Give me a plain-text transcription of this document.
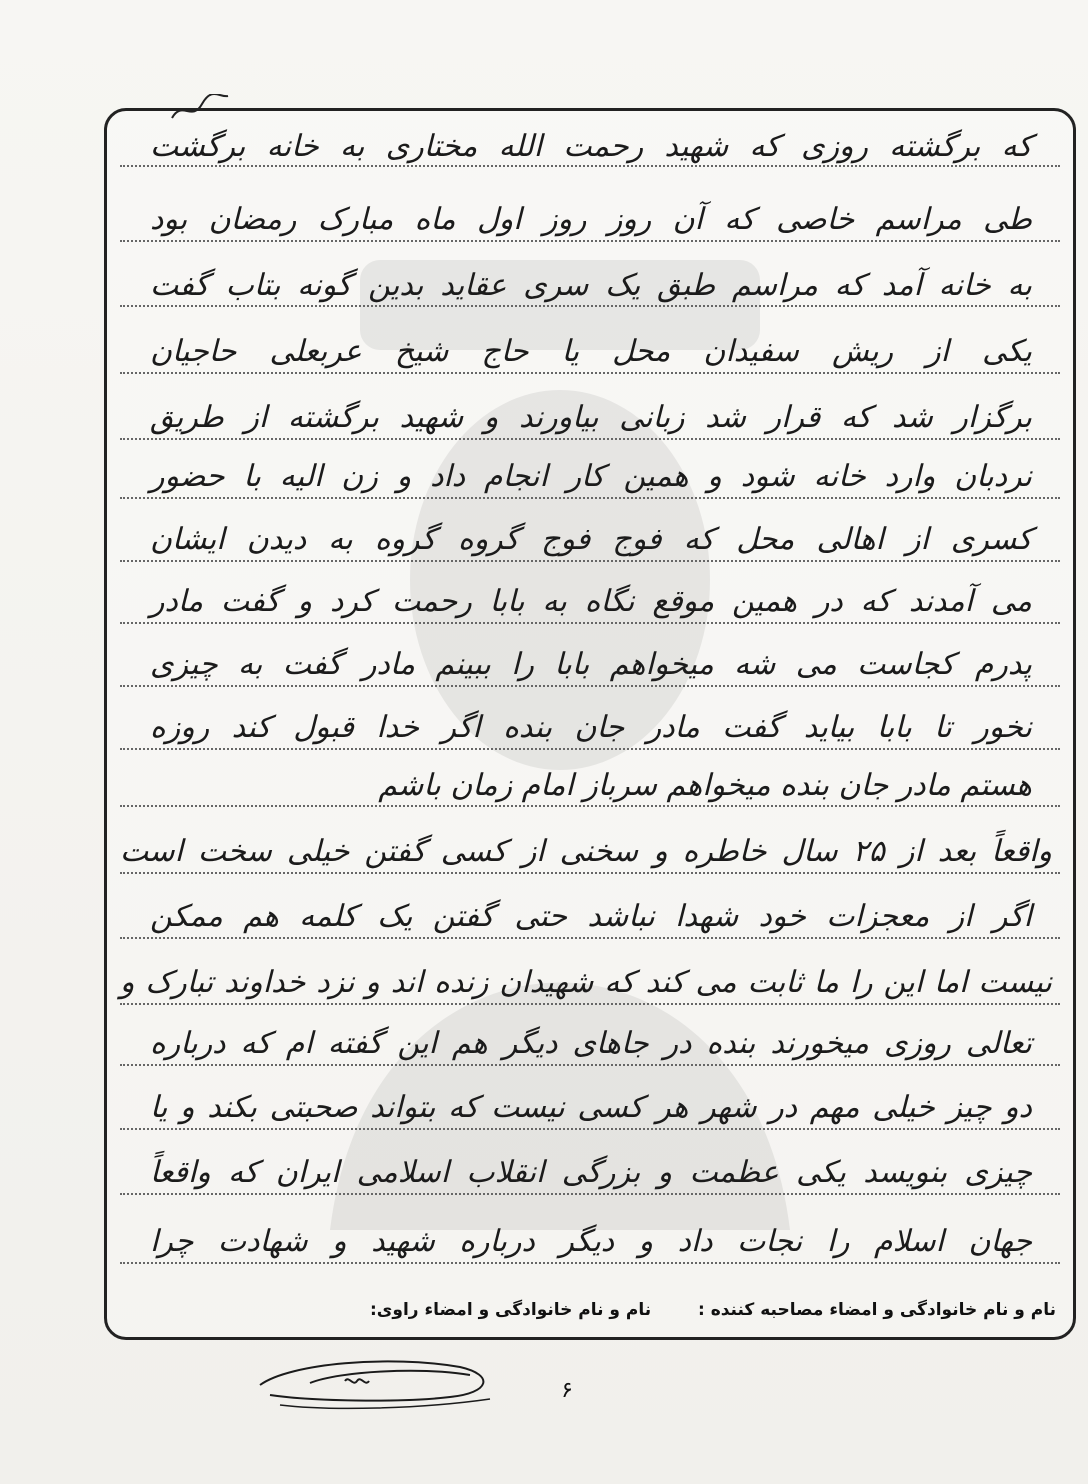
که برگشته روزی که شهید رحمت الله مختاری به خانه برگشت
طی مراسم خاصی که آن روز روز اول ماه مبارک رمضان بود
به خانه آمد که مراسم طبق یک سری عقاید بدین گونه بتاب گفت
یکی از ریش سفیدان محل یا حاج شیخ عربعلی حاجیان
برگزار شد که قرار شد زبانی بیاورند و شهید برگشته از طریق
نردبان وارد خانه شود و همین کار انجام داد و زن الیه با حضور
کسری از اهالی محل که فوج فوج گروه گروه به دیدن ایشان
می آمدند که در همین موقع نگاه به بابا رحمت کرد و گفت مادر
پدرم کجاست می شه میخواهم بابا را ببینم مادر گفت به چیزی
نخور تا بابا بیاید گفت مادر جان بنده اگر خدا قبول کند روزه
هستم مادر جان بنده میخواهم سرباز امام زمان باشم
واقعاً بعد از ۲۵ سال خاطره و سخنی از کسی گفتن خیلی سخت است
اگر از معجزات خود شهدا نباشد حتی گفتن یک کلمه هم ممکن
نیست اما این را ما ثابت می کند که شهیدان زنده اند و نزد خداوند تبارک و
تعالی روزی میخورند بنده در جاهای دیگر هم این گفته ام که درباره
دو چیز خیلی مهم در شهر هر کسی نیست که بتواند صحبتی بکند و یا
چیزی بنویسد یکی عظمت و بزرگی انقلاب اسلامی ایران که واقعاً
جهان اسلام را نجات داد و دیگر درباره شهید و شهادت چرا
نام و نام خانوادگی و امضاء مصاحبه کننده :
نام و نام خانوادگی و امضاء راوی:
۶
